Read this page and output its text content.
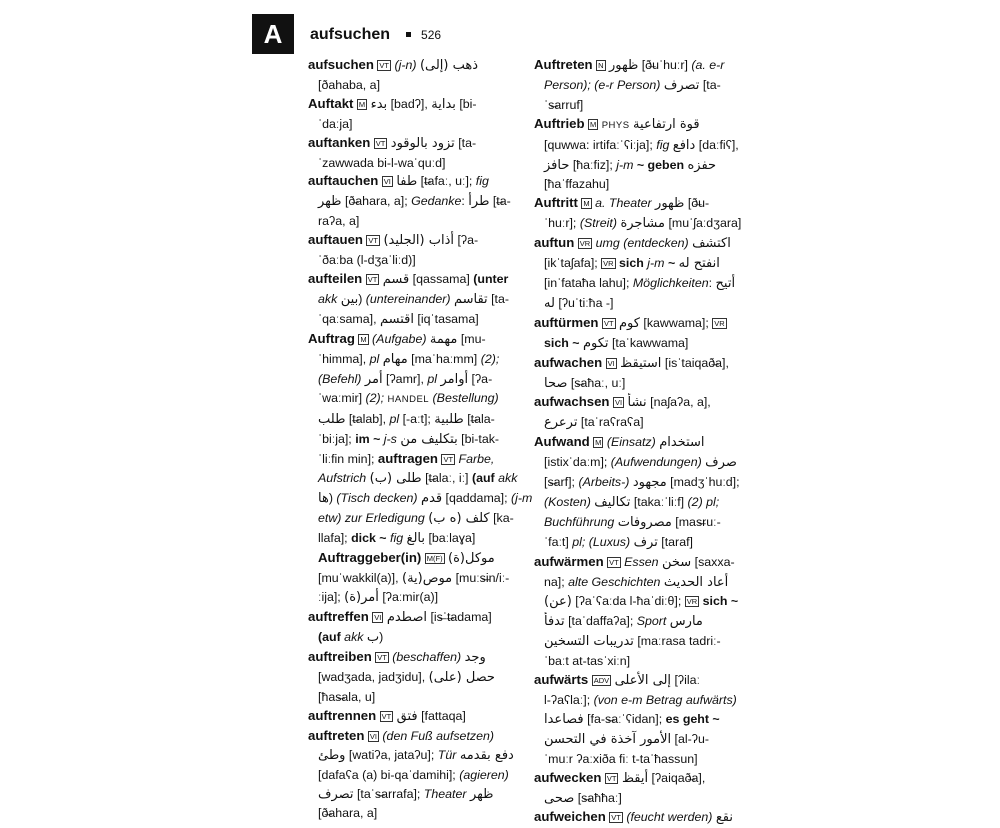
A	aufsuchen	526
aufsuchen VT (j-n) ذهب (إلى)
[ðahaba, a]
Auftakt M بدء [badʔ], بداية [bi-
ˈdaːja]
auftanken VT تزود بالوقود [ta-
ˈzawwada bi-l-waˈquːd]
auftauchen VI طفا [t̶afaː, uː]; fig
ظهر [ð̶ahara, a]; Gedanke: طرأ [t̶a-
raʔa, a]
auftauen VT أذاب (الجليد) [ʔa-
ˈðaːba (l-dʒaˈliːd)]
aufteilen VT قسم [qassama] (unter
akk بين) (untereinander) تقاسم [ta-
ˈqaːsama], اقتسم [iqˈtasama]
Auftrag M (Aufgabe) مهمة [mu-
ˈhimma], pl مهام [maˈhaːmm] (2);
(Befehl) أمر [ʔamr], pl أوامر [ʔa-
ˈwaːmir] (2); HANDEL (Bestellung)
طلب [t̶alab], pl [-aːt]; طلبية [t̶ala-
ˈbiːja]; im ~ j-s بتكليف من [bi-tak-
ˈliːfin min]; auftragen VT Farbe,
Aufstrich طلى (ب) [t̶alaː, iː] (auf akk
ها) (Tisch decken) قدم [qaddama]; (j-m
etw) zur Erledigung كلف (ه ب) [ka-
llafa]; dick ~ fig بالغ [baːlaɣa]
Auftraggeber(in) M(F) موكل(ة)
[muˈwakkil(a)], موص(ية) [muːs̶in/iː-
ːija]; (أمر(ة [ʔaːmir(a)]
auftreffen VI اصطدم [is̶ˈt̶adama]
(auf akk ب)
auftreiben VT (beschaffen) وجد
[wadʒada, jadʒidu], حصل (على)
[ħas̶ala, u]
auftrennen VT فتق [fattaqa]
auftreten VI (den Fuß aufsetzen)
وطئ [watiʔa, jataʔu]; Tür دفع بقدمه
[dafaʕa (a) bi-qaˈdamihi]; (agieren)
تصرف [taˈs̶arrafa]; Theater ظهر
[ð̶ahara, a]
Auftreten N ظهور [ð̶uˈhuːr] (a. e-r
Person); (e-r Person) تصرف [ta-
ˈs̶arruf]
Auftrieb M PHYS قوة ارتفاعية
[quwwa: irtifaːˈʕiːja]; fig دافع [daːfiʕ],
حافز [ħaːfiz]; j-m ~ geben حفزه
[ħaˈffazahu]
Auftritt M a. Theater ظهور [ð̶u-
ˈhuːr]; (Streit) مشاجرة [muˈʃaːdʒara]
auftun VR umg (entdecken) اكتشف
[ikˈtaʃafa]; VR sich j-m ~ انفتح له
[inˈfataħa lahu]; Möglichkeiten: أتيح
له [ʔuˈtiːħa -]
auftürmen VT كوم [kawwama]; VR
sich ~ تكوم [taˈkawwama]
aufwachen VI استيقظ [isˈtaiqað̶a],
صحا [s̶aħaː, uː]
aufwachsen VI نشأ [naʃaʔa, a],
ترعرع [taˈraʕraʕa]
Aufwand M (Einsatz) استخدام
[istixˈdaːm]; (Aufwendungen) صرف
[s̶arf]; (Arbeits-) مجهود [madʒˈhuːd];
(Kosten) تكاليف [takaːˈliːf] (2) pl;
Buchführung مصروفات [mas̶ruː-
ˈfaːt] pl; (Luxus) ترف [taraf]
aufwärmen VT Essen سخن [saxxa-
na]; alte Geschichten أعاد الحديث
(عن) [ʔaˈʕaːda l-ħaˈdiːθ]; VR sich ~
تدفأ [taˈdaffaʔa]; Sport مارس
تدريبات التسخين [maːrasa tadriː-
ˈbaːt at-tasˈxiːn]
aufwärts ADV إلى الأعلى [ʔilaː
l-ʔaʕlaː]; (von e-m Betrag aufwärts)
فصاعدا [fa-s̶aːˈʕidan]; es geht ~
الأمور آخذة في التحسن [al-ʔu-
ˈmuːr ʔaːxiða fiː t-taˈħassun]
aufwecken VT أيقظ [ʔaiqað̶a],
صحى [s̶aħħaː]
aufweichen VT (feucht werden) نقع
